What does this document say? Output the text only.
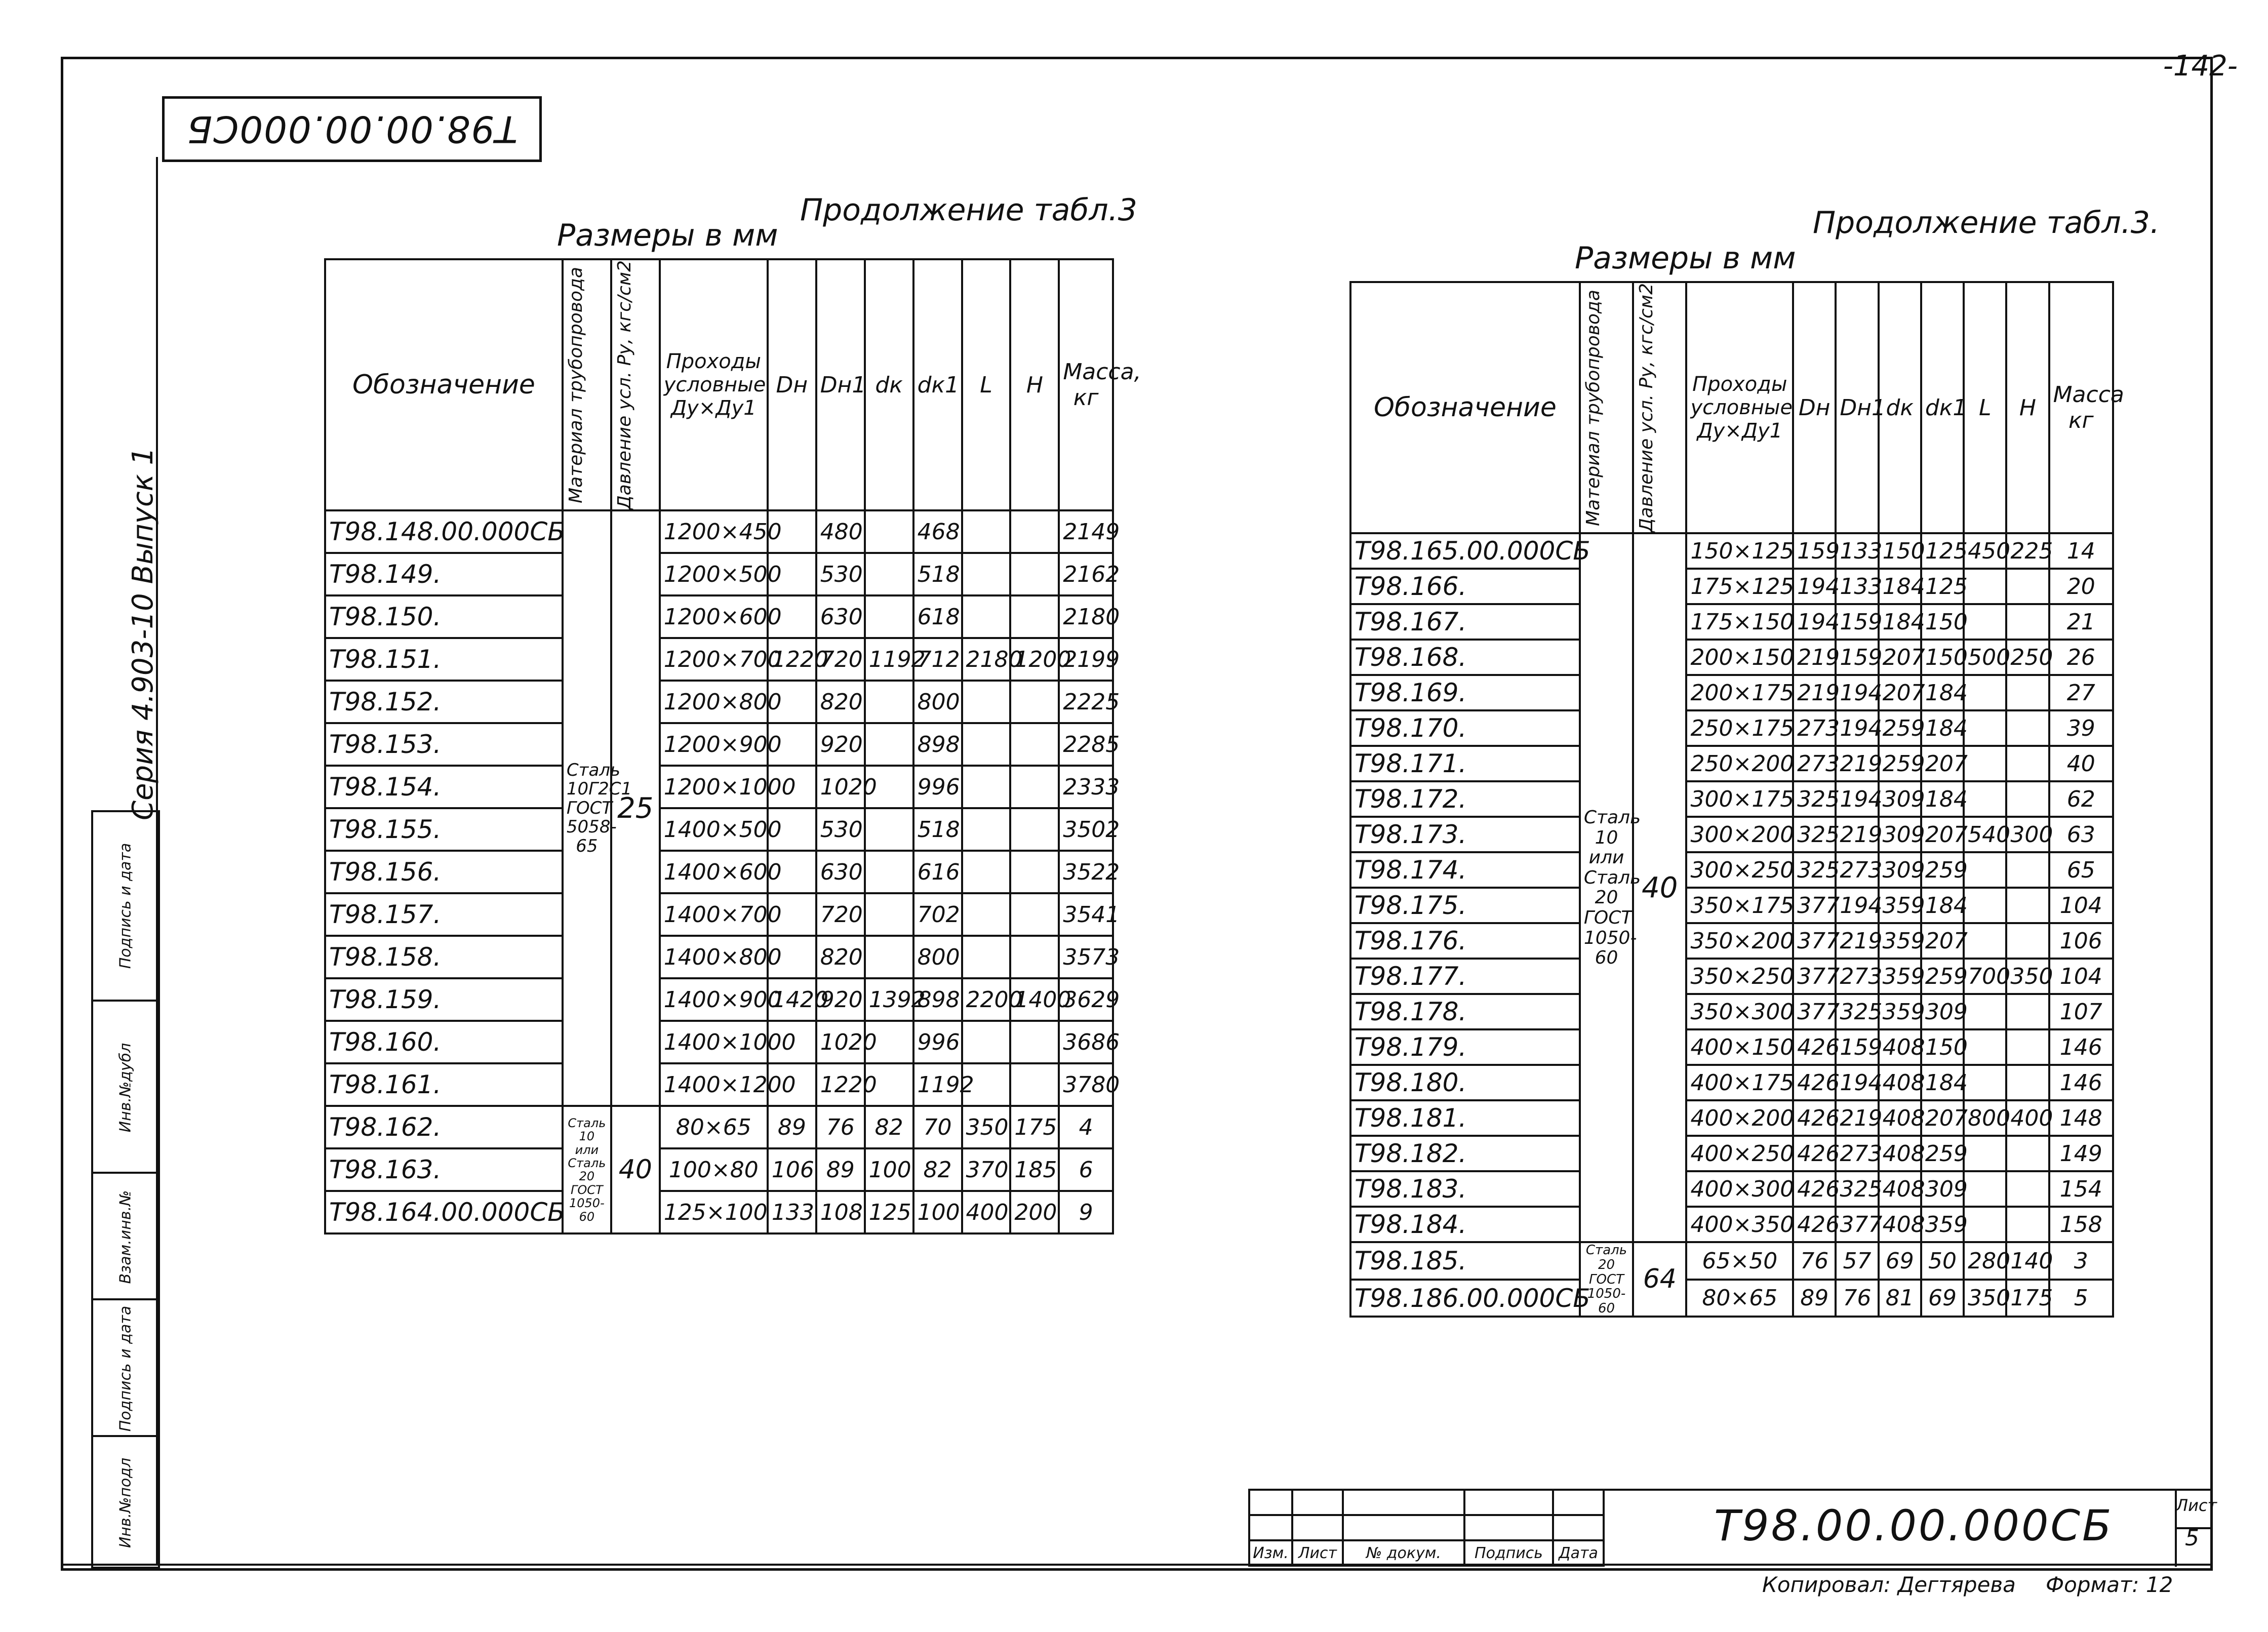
-142-
Т98.00.00.000СБ
Серия 4.903-10 Выпуск 1
Инв.№подл
Подпись и дата
Взам.инв.№
Инв.№дубл
Подпись и дата
Продолжение табл.3
Размеры в мм
Обозначение	Материал трубопровода	Давление усл. Ру, кгс/см2	Проходы условные Ду×Ду1	Dн	Dн1	dк	dк1	L	H	Масса, кг
Т98.148.00.000СБ	Сталь 10Г2С1 ГОСТ 5058-65	25	1200×450		480		468			2149
Т98.149.			1200×500		530		518			2162
Т98.150.			1200×600		630		618			2180
Т98.151.			1200×700	1220	720	1192	712	2180	1200	2199
Т98.152.			1200×800		820		800			2225
Т98.153.			1200×900		920		898			2285
Т98.154.			1200×1000		1020		996			2333
Т98.155.			1400×500		530		518			3502
Т98.156.			1400×600		630		616			3522
Т98.157.			1400×700		720		702			3541
Т98.158.			1400×800		820		800			3573
Т98.159.			1400×900	1420	920	1392	898	2200	1400	3629
Т98.160.			1400×1000		1020		996			3686
Т98.161.			1400×1200		1220		1192			3780
Т98.162.	Сталь 10 или Сталь 20 ГОСТ 1050-60	40	80×65	89	76	82	70	350	175	4
Т98.163.			100×80	106	89	100	82	370	185	6
Т98.164.00.000СБ			125×100	133	108	125	100	400	200	9
Продолжение табл.3.
Размеры в мм
Обозначение	Материал трубопровода	Давление усл. Ру, кгс/см2	Проходы условные Ду×Ду1	Dн	Dн1	dк	dк1	L	H	Масса кг
Т98.165.00.000СБ	Сталь 10 или Сталь 20 ГОСТ 1050-60	40	150×125	159	133	150	125	450	225	14
Т98.166.			175×125	194	133	184	125			20
Т98.167.			175×150	194	159	184	150			21
Т98.168.			200×150	219	159	207	150	500	250	26
Т98.169.			200×175	219	194	207	184			27
Т98.170.			250×175	273	194	259	184			39
Т98.171.			250×200	273	219	259	207			40
Т98.172.			300×175	325	194	309	184			62
Т98.173.			300×200	325	219	309	207	540	300	63
Т98.174.			300×250	325	273	309	259			65
Т98.175.			350×175	377	194	359	184			104
Т98.176.			350×200	377	219	359	207			106
Т98.177.			350×250	377	273	359	259	700	350	104
Т98.178.			350×300	377	325	359	309			107
Т98.179.			400×150	426	159	408	150			146
Т98.180.			400×175	426	194	408	184			146
Т98.181.			400×200	426	219	408	207	800	400	148
Т98.182.			400×250	426	273	408	259			149
Т98.183.			400×300	426	325	408	309			154
Т98.184.			400×350	426	377	408	359			158
Т98.185.	Сталь 20 ГОСТ 1050-60	64	65×50	76	57	69	50	280	140	3
Т98.186.00.000СБ			80×65	89	76	81	69	350	175	5

Изм.	Лист	№ докум.	Подпись	Дата
Т98.00.00.000СБ	Лист
5
Копировал: Дегтярева Формат: 12
